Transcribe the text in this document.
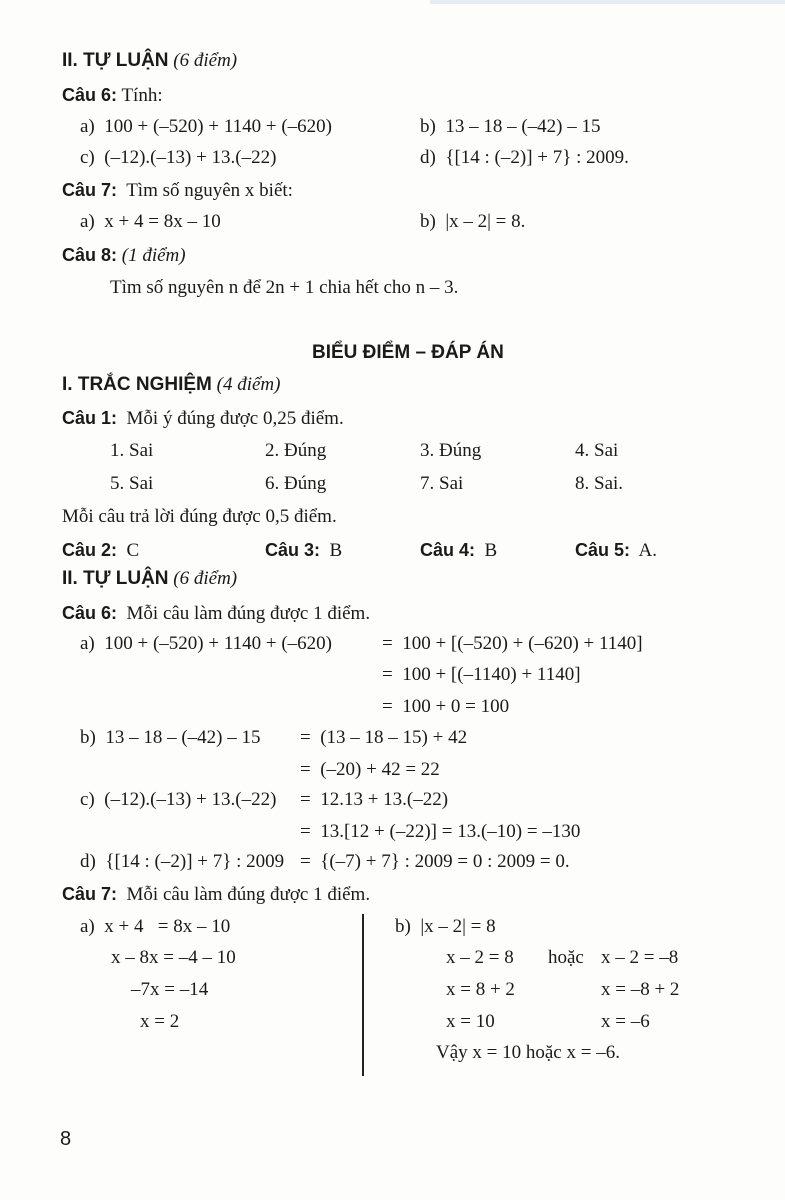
II. TỰ LUẬN (6 điểm)
Câu 6: Tính:
a)  100 + (–520) + 1140 + (–620)	b)  13 – 18 – (–42) – 15
c)  (–12).(–13) + 13.(–22)	d)  {[14 : (–2)] + 7} : 2009.
Câu 7: Tìm số nguyên x biết:
a)  x + 4 = 8x – 10	b)  |x – 2| = 8.
Câu 8: (1 điểm)
Tìm số nguyên n để 2n + 1 chia hết cho n – 3.
BIỂU ĐIỂM – ĐÁP ÁN
I. TRẮC NGHIỆM (4 điểm)
Câu 1: Mỗi ý đúng được 0,25 điểm.
1. Sai	2. Đúng	3. Đúng	4. Sai
5. Sai	6. Đúng	7. Sai	8. Sai.
Mỗi câu trả lời đúng được 0,5 điểm.
Câu 2: C	Câu 3: B	Câu 4: B	Câu 5: A.
II. TỰ LUẬN (6 điểm)
Câu 6: Mỗi câu làm đúng được 1 điểm.
a)  100 + (–520) + 1140 + (–620)	=  100 + [(–520) + (–620) + 1140]
=  100 + [(–1140) + 1140]
=  100 + 0 = 100
b)  13 – 18 – (–42) – 15 =  (13 – 18 – 15) + 42
=  (–20) + 42 = 22
c)  (–12).(–13) + 13.(–22) =  12.13 + 13.(–22)
=  13.[12 + (–22)] = 13.(–10) = –130
d)  {[14 : (–2)] + 7} : 2009 =  {(–7) + 7} : 2009 = 0 : 2009 = 0.
Câu 7: Mỗi câu làm đúng được 1 điểm.
a)  x + 4   = 8x – 10
x – 8x = –4 – 10
–7x = –14
x = 2
b)  |x – 2| = 8
x – 2 = 8 hoặc x – 2 = –8
x = 8 + 2	x = –8 + 2
x = 10	x = –6
Vậy x = 10 hoặc x = –6.
8
